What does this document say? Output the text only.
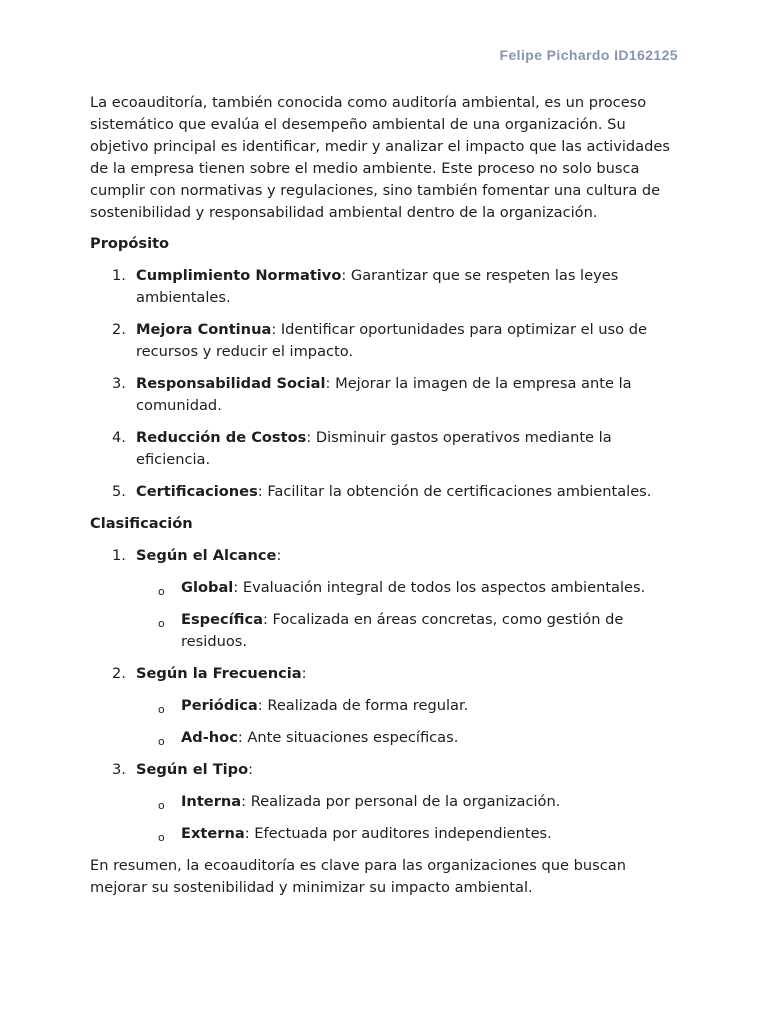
Felipe Pichardo ID162125

La ecoauditoría, también conocida como auditoría ambiental, es un proceso sistemático que evalúa el desempeño ambiental de una organización. Su objetivo principal es identificar, medir y analizar el impacto que las actividades de la empresa tienen sobre el medio ambiente. Este proceso no solo busca cumplir con normativas y regulaciones, sino también fomentar una cultura de sostenibilidad y responsabilidad ambiental dentro de la organización.

Propósito

1. Cumplimiento Normativo: Garantizar que se respeten las leyes ambientales.
2. Mejora Continua: Identificar oportunidades para optimizar el uso de recursos y reducir el impacto.
3. Responsabilidad Social: Mejorar la imagen de la empresa ante la comunidad.
4. Reducción de Costos: Disminuir gastos operativos mediante la eficiencia.
5. Certificaciones: Facilitar la obtención de certificaciones ambientales.

Clasificación

1. Según el Alcance:
o Global: Evaluación integral de todos los aspectos ambientales.
o Específica: Focalizada en áreas concretas, como gestión de residuos.
2. Según la Frecuencia:
o Periódica: Realizada de forma regular.
o Ad-hoc: Ante situaciones específicas.
3. Según el Tipo:
o Interna: Realizada por personal de la organización.
o Externa: Efectuada por auditores independientes.

En resumen, la ecoauditoría es clave para las organizaciones que buscan mejorar su sostenibilidad y minimizar su impacto ambiental.
